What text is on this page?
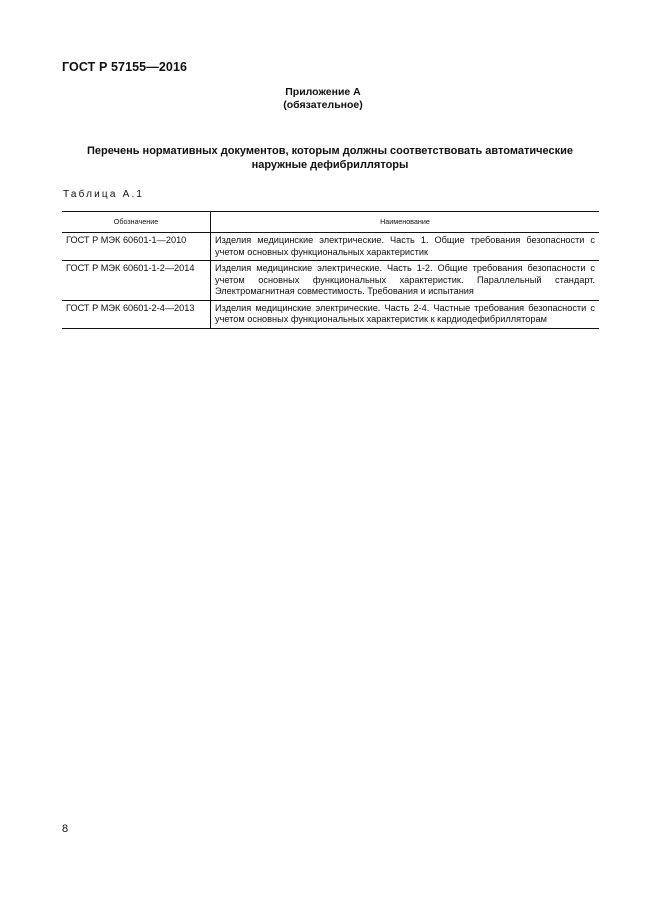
ГОСТ Р 57155—2016
Приложение А
(обязательное)
Перечень нормативных документов, которым должны соответствовать автоматические
наружные дефибрилляторы
Таблица А.1
Обозначение	Наименование
ГОСТ Р МЭК 60601-1—2010	Изделия медицинские электрические. Часть 1. Общие требования безопасности с учетом основных функциональных характеристик
ГОСТ Р МЭК 60601-1-2—2014	Изделия медицинские электрические. Часть 1-2. Общие требования безопасности с учетом основных функциональных характеристик. Параллельный стандарт. Электромагнитная совместимость. Требования и испытания
ГОСТ Р МЭК 60601-2-4—2013	Изделия медицинские электрические. Часть 2-4. Частные требования безопасности с учетом основных функциональных характеристик к кардиодефибрилляторам
8
